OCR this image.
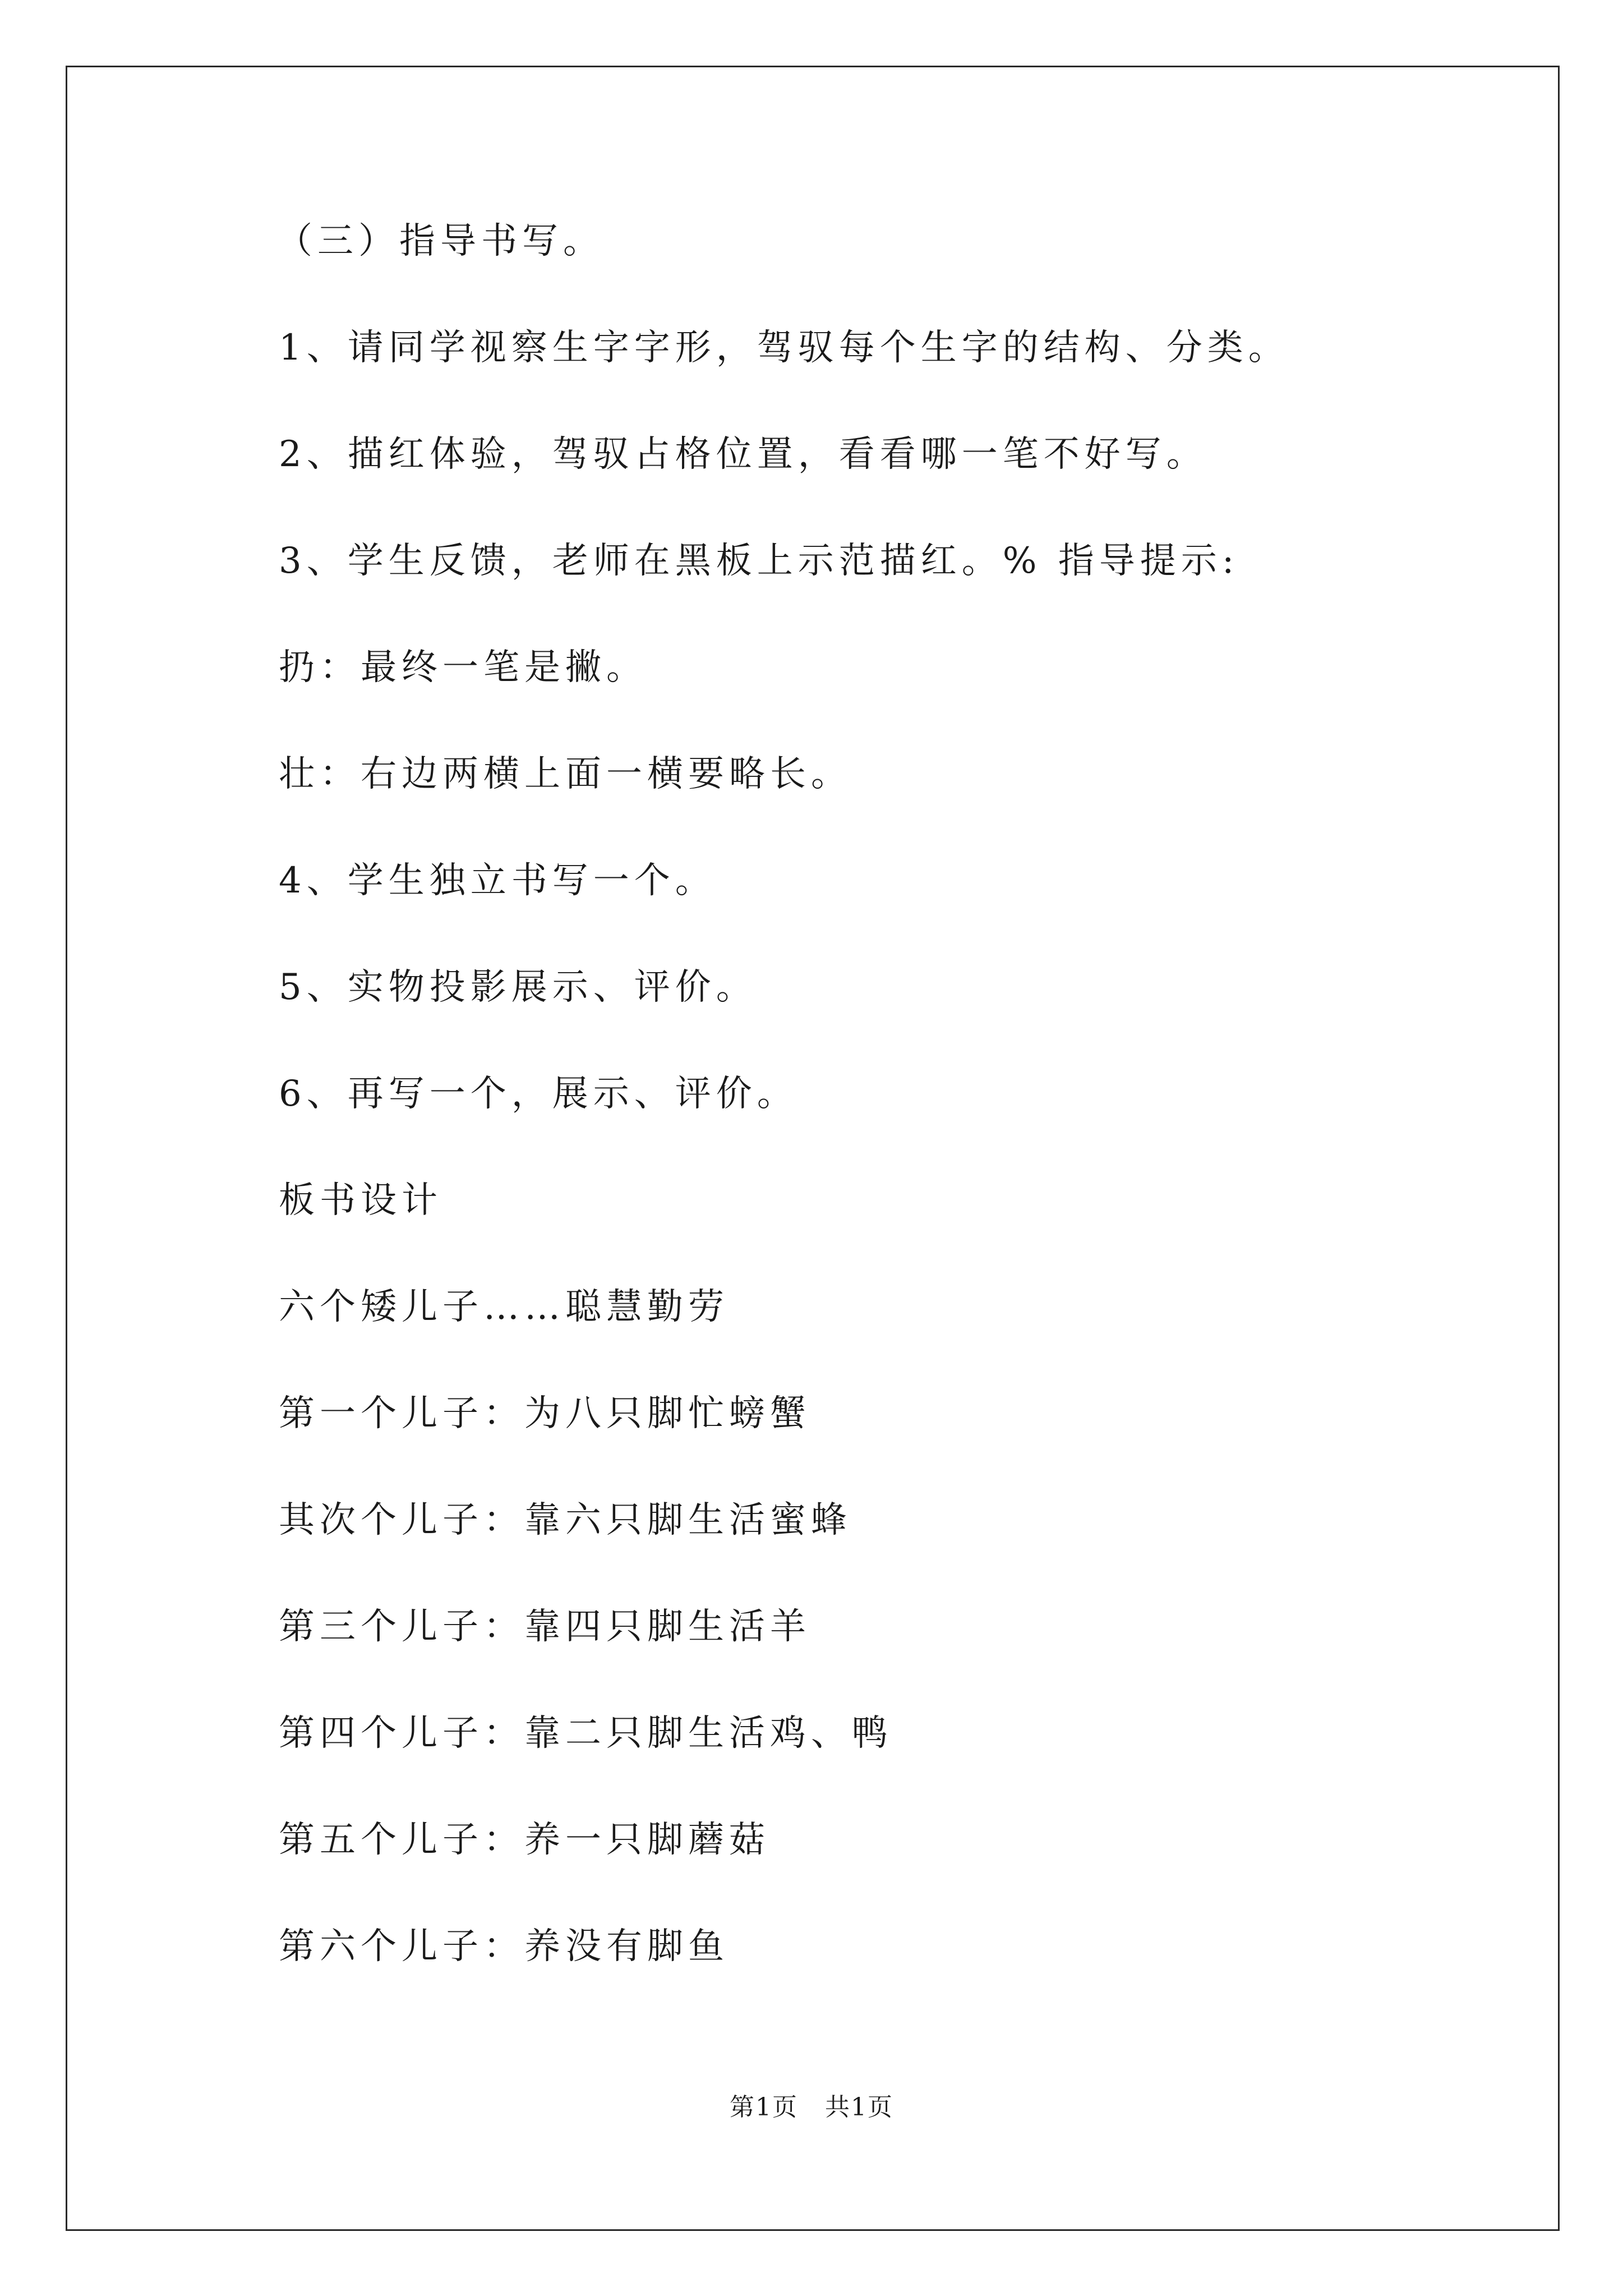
（三）指导书写。
1、请同学视察生字字形，驾驭每个生字的结构、分类。
2、描红体验，驾驭占格位置，看看哪一笔不好写。
3、学生反馈，老师在黑板上示范描红。% 指导提示:
扔：最终一笔是撇。
壮：右边两横上面一横要略长。
4、学生独立书写一个。
5、实物投影展示、评价。
6、再写一个，展示、评价。
板书设计
六个矮儿子……聪慧勤劳
第一个儿子：为八只脚忙螃蟹
其次个儿子：靠六只脚生活蜜蜂
第三个儿子：靠四只脚生活羊
第四个儿子：靠二只脚生活鸡、鸭
第五个儿子：养一只脚蘑菇
第六个儿子：养没有脚鱼
第1页   共1页
